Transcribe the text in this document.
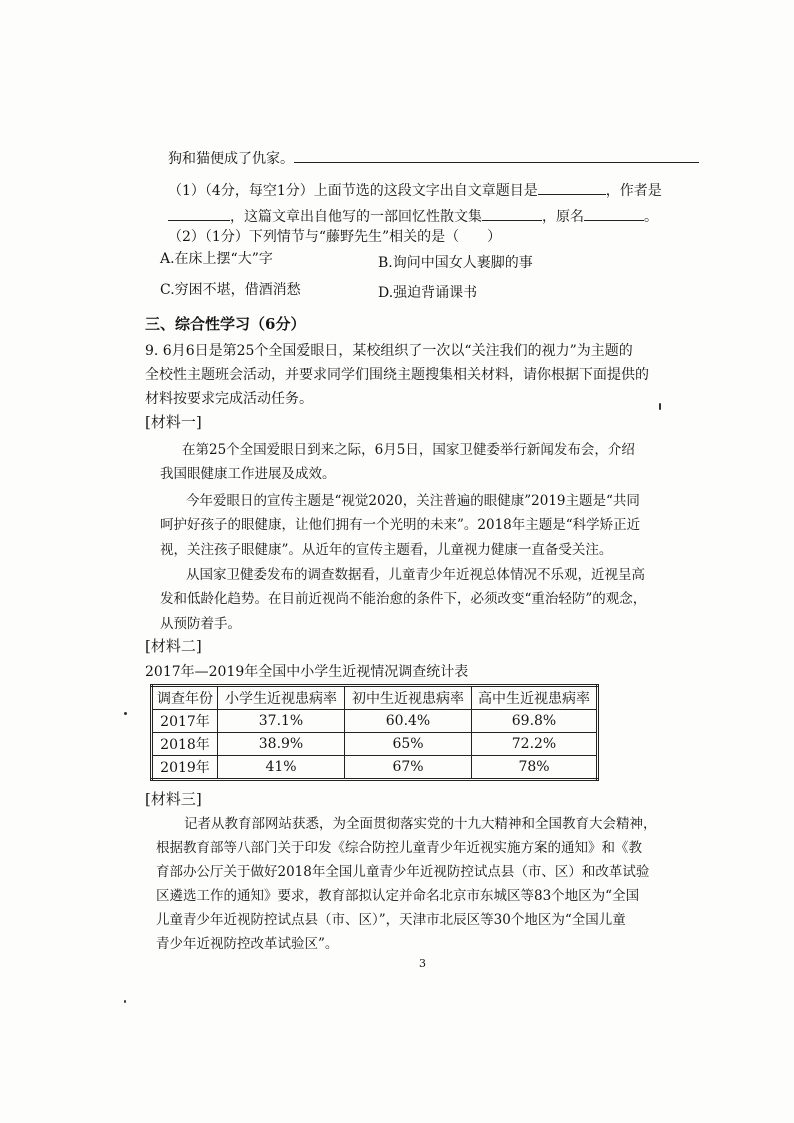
狗和猫便成了仇家。
（1）（4分，每空1分）上面节选的这段文字出自文章题目是	，作者是
，这篇文章出自他写的一部回忆性散文集	，原名	。
（2）（1分）下列情节与“藤野先生”相关的是（　　）
A.在床上摆“大”字	B.询问中国女人裹脚的事
C.穷困不堪，借酒消愁	D.强迫背诵课书
三、综合性学习（6分）
9. 6月6日是第25个全国爱眼日，某校组织了一次以“关注我们的视力”为主题的
全校性主题班会活动，并要求同学们围绕主题搜集相关材料，请你根据下面提供的
材料按要求完成活动任务。
[材料一]
在第25个全国爱眼日到来之际，6月5日，国家卫健委举行新闻发布会，介绍
我国眼健康工作进展及成效。
今年爱眼日的宣传主题是“视觉2020，关注普遍的眼健康”2019主题是“共同
呵护好孩子的眼健康，让他们拥有一个光明的未来”。2018年主题是“科学矫正近
视，关注孩子眼健康”。从近年的宣传主题看，儿童视力健康一直备受关注。
从国家卫健委发布的调查数据看，儿童青少年近视总体情况不乐观，近视呈高
发和低龄化趋势。在目前近视尚不能治愈的条件下，必须改变“重治轻防”的观念，
从预防着手。
[材料二]
2017年—2019年全国中小学生近视情况调查统计表
调查年份	小学生近视患病率	初中生近视患病率	高中生近视患病率
2017年	37.1%	60.4%	69.8%
2018年	38.9%	65%	72.2%
2019年	41%	67%	78%
[材料三]
记者从教育部网站获悉，为全面贯彻落实党的十九大精神和全国教育大会精神，
根据教育部等八部门关于印发《综合防控儿童青少年近视实施方案的通知》和《教
育部办公厅关于做好2018年全国儿童青少年近视防控试点县（市、区）和改革试验
区遴选工作的通知》要求，教育部拟认定并命名北京市东城区等83个地区为“全国
儿童青少年近视防控试点县（市、区）”，天津市北辰区等30个地区为“全国儿童
青少年近视防控改革试验区”。
3
